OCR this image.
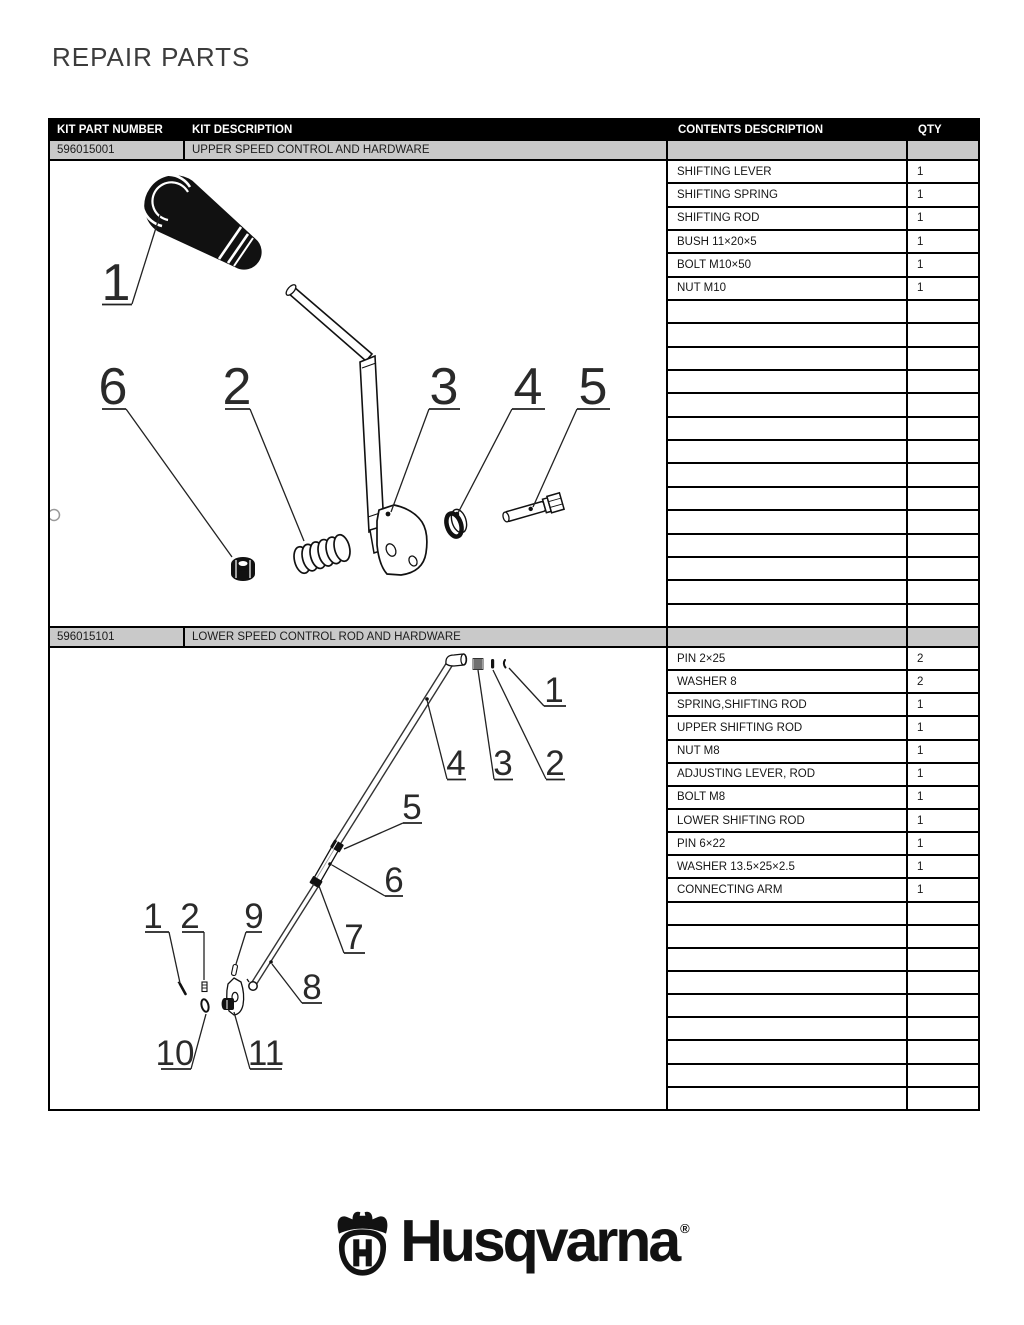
REPAIR PARTS
KIT PART NUMBER	KIT DESCRIPTION	CONTENTS DESCRIPTION	QTY
596015001	UPPER SPEED CONTROL AND HARDWARE		

1
6 2	3 4 5
	SHIFTING LEVER	1
		SHIFTING SPRING	1
		SHIFTING ROD	1
		BUSH 11×20×5	1
		BOLT M10×50	1
		NUT M10	1

596015101	LOWER SPEED CONTROL ROD AND HARDWARE		

1
4 3 2
5
6
7
8
1 2 9
10 11
	PIN 2×25	2
		WASHER 8	2
		SPRING,SHIFTING ROD	1
		UPPER SHIFTING ROD	1
		NUT M8	1
		ADJUSTING LEVER, ROD	1
		BOLT M8	1
		LOWER SHIFTING ROD	1
		PIN 6×22	1
		WASHER 13.5×25×2.5	1
		CONNECTING ARM	1

Husqvarna ®
